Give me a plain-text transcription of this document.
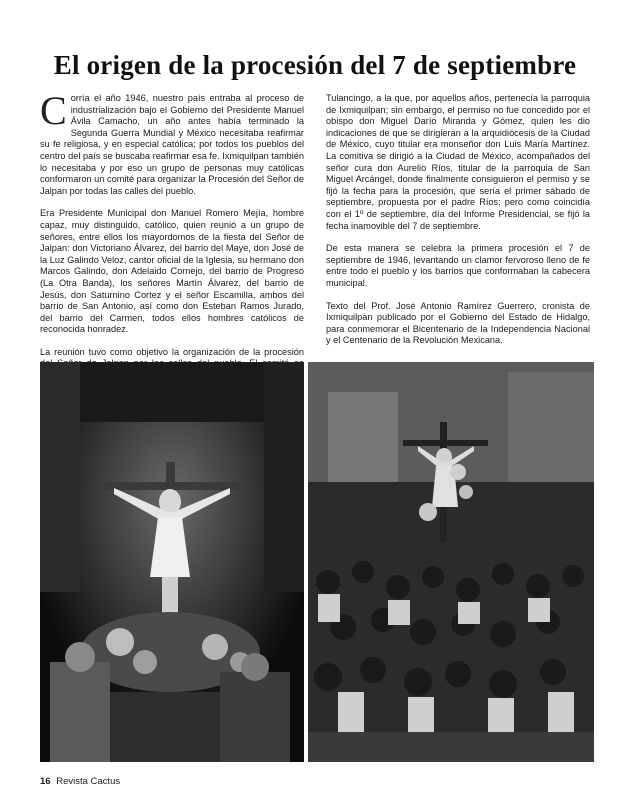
El origen de la procesión del 7 de septiembre

Corría el año 1946, nuestro país entraba al proceso de industrialización bajo el Gobierno del Presidente Manuel Ávila Camacho, un año antes había terminado la Segunda Guerra Mundial y México necesitaba reafirmar su fe religiosa, y en especial católica; por todos los pueblos del centro del país se buscaba reafirmar esa fe. Ixmiquilpan también lo necesitaba y por eso un grupo de personas muy católicas conformaron un comité para organizar la Procesión del Señor de Jalpan por todas las calles del pueblo.

Era Presidente Municipal don Manuel Romero Mejía, hombre capaz, muy distinguido, católico, quien reunió a un grupo de señores, entre ellos los mayordomos de la fiesta del Señor de Jalpan: don Victoriano Álvarez, del barrio del Maye, don José de la Luz Galindo Veloz, cantor oficial de la Iglesia, su hermano don Marcos Galindo, don Adelaido Cornejo, del barrio de Progreso (La Otra Banda), los señores Martín Álvarez, del barrio de Jesús, don Saturnino Cortez y el señor Escamilla, ambos del barrio de San Antonio, así como don Esteban Ramos Jurado, del barrio del Carmen, todos ellos hombres católicos de reconocida honradez.

La reunión tuvo como objetivo la organización de la procesión

Tulancingo, a la que, por aquellos años, pertenecía la parroquia de Ixmiquilpan; sin embargo, el permiso no fue concedido por el obispo don Miguel Darío Miranda y Gómez, quien les dio indicaciones de que se dirigieran a la arquidiócesis de la Ciudad de México, cuyo titular era monseñor don Luis María Martínez. La comitiva se dirigió a la Ciudad de México, acompañados del señor cura don Aurelio Ríos, titular de la parroquia de San Miguel Arcángel, donde finalmente consiguieron el permiso y se fijó la fecha para la procesión, que sería el primer sábado de septiembre, propuesta por el padre Ríos; pero como coincidía con el 1º de septiembre, día del Informe Presidencial, se fijó la fecha inamovible del 7 de septiembre.

De esta manera se celebra la primera procesión el 7 de septiembre de 1946, levantando un clamor fervoroso lleno de fe entre todo el pueblo y los barrios que conformaban la cabecera municipal.

Texto del Prof. José Antonio Ramírez Guerrero, cronista de Ixmiquilpan publicado por el Gobierno del Estado de Hidalgo, para conmemorar el Bicentenario de la Independencia Nacional y el Centenario de la Revolución Mexicana.

16 Revista Cactus
